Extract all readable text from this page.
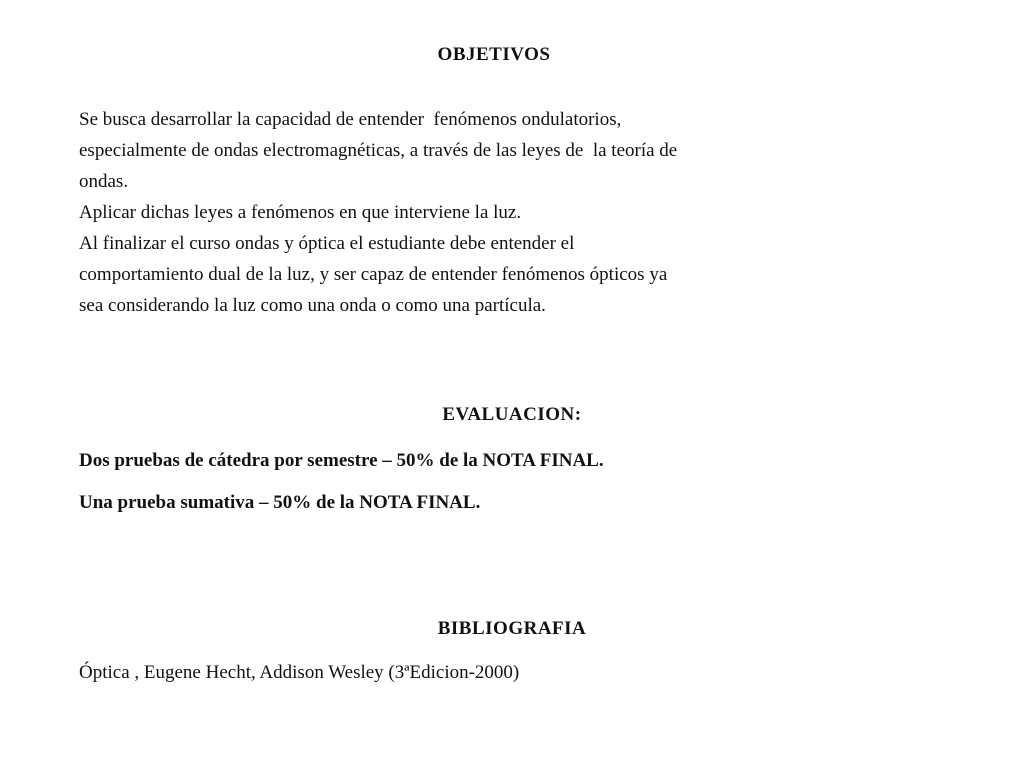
OBJETIVOS
Se busca desarrollar la capacidad de entender  fenómenos ondulatorios,
especialmente de ondas electromagnéticas, a través de las leyes de  la teoría de
ondas.
Aplicar dichas leyes a fenómenos en que interviene la luz.
Al finalizar el curso ondas y óptica el estudiante debe entender el
comportamiento dual de la luz, y ser capaz de entender fenómenos ópticos ya
sea considerando la luz como una onda o como una partícula.
EVALUACION:

Dos pruebas de cátedra por semestre – 50% de la NOTA FINAL.

Una prueba sumativa – 50% de la NOTA FINAL.

BIBLIOGRAFIA

Óptica , Eugene Hecht, Addison Wesley (3ªEdicion-2000)
